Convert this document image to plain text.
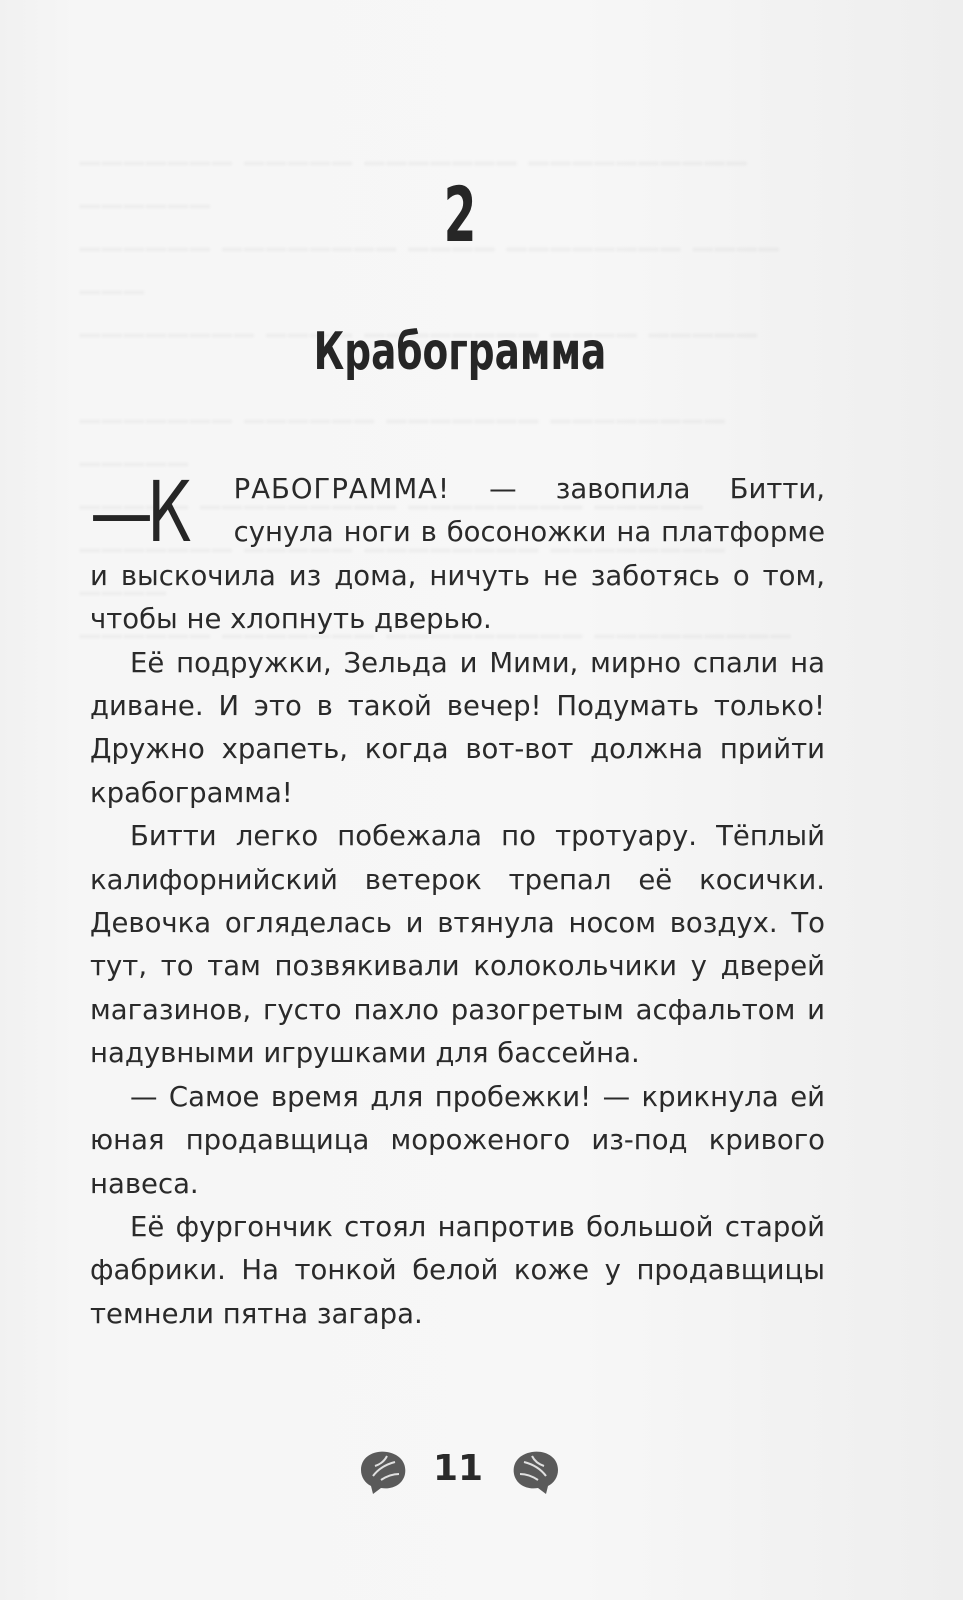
2
Крабограмма

—К	РАБОГРАММА! — завопила Битти, сунула ноги в босоножки на платформе и выскочила из дома, ничуть не заботясь о том, чтобы не хлопнуть дверью.

Её подружки, Зельда и Мими, мирно спали на диване. И это в такой вечер! Подумать только! Дружно храпеть, когда вот-вот должна прийти крабограмма!

Битти легко побежала по тротуару. Тёплый калифорнийский ветерок трепал её косички. Девочка огляделась и втянула носом воздух. То тут, то там позвякивали колокольчики у дверей магазинов, густо пахло разогретым асфальтом и надувными игрушками для бассейна.

— Самое время для пробежки! — крикнула ей юная продавщица мороженого из-под кривого навеса.

Её фургончик стоял напротив большой старой фабрики. На тонкой белой коже у продавщицы темнели пятна загара.

11
